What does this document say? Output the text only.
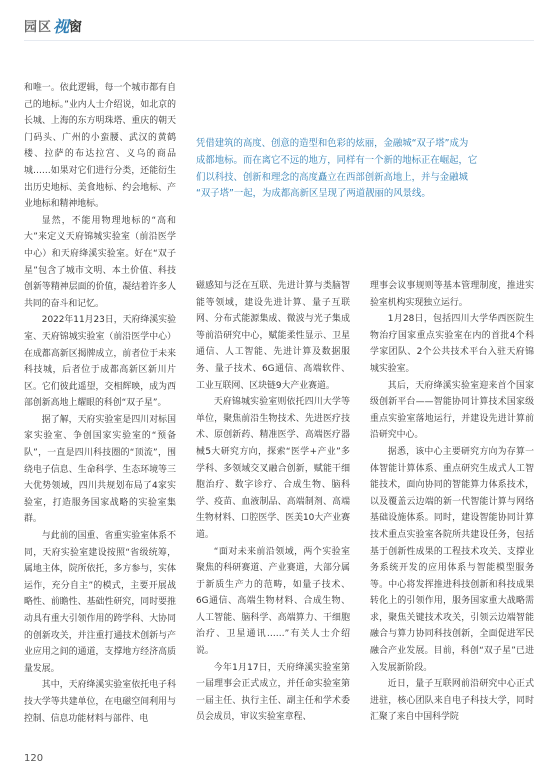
园区 视 窗

和唯一。依此逻辑，每一个城市都有自己的地标。”业内人士介绍说，如北京的长城、上海的东方明珠塔、重庆的朝天门码头、广州的小蛮腰、武汉的黄鹤楼、拉萨的布达拉宫、义乌的商品城……如果对它们进行分类，还能衍生出历史地标、美食地标、约会地标、产业地标和精神地标。

显然，不能用物理地标的“高和大”来定义天府锦城实验室（前沿医学中心）和天府绛溪实验室。好在“双子星”包含了城市文明、本土价值、科技创新等精神层面的价值，凝结着许多人共同的奋斗和记忆。

2022年11月23日，天府绛溪实验室、天府锦城实验室（前沿医学中心）在成都高新区揭牌成立，前者位于未来科技城，后者位于成都高新区新川片区。它们彼此遥望，交相辉映，成为西部创新高地上耀眼的科创“双子星”。

据了解，天府实验室是四川对标国家实验室、争创国家实验室的“预备队”，一直是四川科技圈的“顶流”，围绕电子信息、生命科学、生态环境等三大优势领域，四川共规划布局了4家实验室，打造服务国家战略的实验室集群。

与此前的国重、省重实验室体系不同，天府实验室建设按照“省级统筹，属地主体，院所依托，多方参与，实体运作，充分自主”的模式，主要开展战略性、前瞻性、基础性研究，同时要推动具有重大引领作用的跨学科、大协同的创新攻关，并注重打通技术创新与产业应用之间的通道，支撑地方经济高质量发展。

其中，天府绛溪实验室依托电子科技大学等共建单位，在电磁空间利用与控制、信息功能材料与部件、电

凭借建筑的高度、创意的造型和色彩的炫丽，金融城“双子塔”成为
成都地标。而在离它不远的地方，同样有一个新的地标正在崛起，它
们以科技、创新和理念的高度矗立在西部创新高地上，并与金融城
“双子塔”一起，为成都高新区呈现了两道靓丽的风景线。

磁感知与泛在互联、先进计算与类脑智能等领域，建设先进计算、量子互联网、分布式能源集成、微波与光子集成等前沿研究中心，赋能柔性显示、卫星通信、人工智能、先进计算及数据服务、量子技术、6G通信、高端软件、工业互联网、区块链9大产业赛道。

天府锦城实验室则依托四川大学等单位，聚焦前沿生物技术、先进医疗技术、原创新药、精准医学、高端医疗器械5大研究方向，探索“医学+产业”多学科、多领域交叉融合创新，赋能干细胞治疗、数字诊疗、合成生物、脑科学、疫苗、血液制品、高端制剂、高端生物材料、口腔医学、医美10大产业赛道。

“面对未来前沿领域，两个实验室聚焦的科研赛道、产业赛道，大部分属于新质生产力的范畴，如量子技术、6G通信、高端生物材料、合成生物、人工智能、脑科学、高端算力、干细胞治疗、卫星通讯……”有关人士介绍说。

今年1月17日，天府绛溪实验室第一届理事会正式成立，并任命实验室第一届主任、执行主任、副主任和学术委员会成员，审议实验室章程、

理事会议事规则等基本管理制度，推进实验室机构实现独立运行。

1月28日，包括四川大学华西医院生物治疗国家重点实验室在内的首批4个科学家团队、2个公共技术平台入驻天府锦城实验室。

其后，天府绛溪实验室迎来首个国家级创新平台——智能协同计算技术国家级重点实验室落地运行，并建设先进计算前沿研究中心。

据悉，该中心主要研究方向为存算一体智能计算体系、重点研究生成式人工智能技术，面向协同的智能算力体系技术，以及覆盖云边端的新一代智能计算与网络基础设施体系。同时，建设智能协同计算技术重点实验室各院所共建设任务，包括基于创新性成果的工程技术攻关、支撑业务系统开发的应用体系与智能模型服务等。中心将发挥推进科技创新和科技成果转化上的引领作用，服务国家重大战略需求，聚焦关键技术攻关，引领云边端智能融合与算力协同科技创新，全面促进军民融合产业发展。目前，科创“双子星”已进入发展新阶段。

近日，量子互联网前沿研究中心正式进驻，核心团队来自电子科技大学，同时汇聚了来自中国科学院

120
